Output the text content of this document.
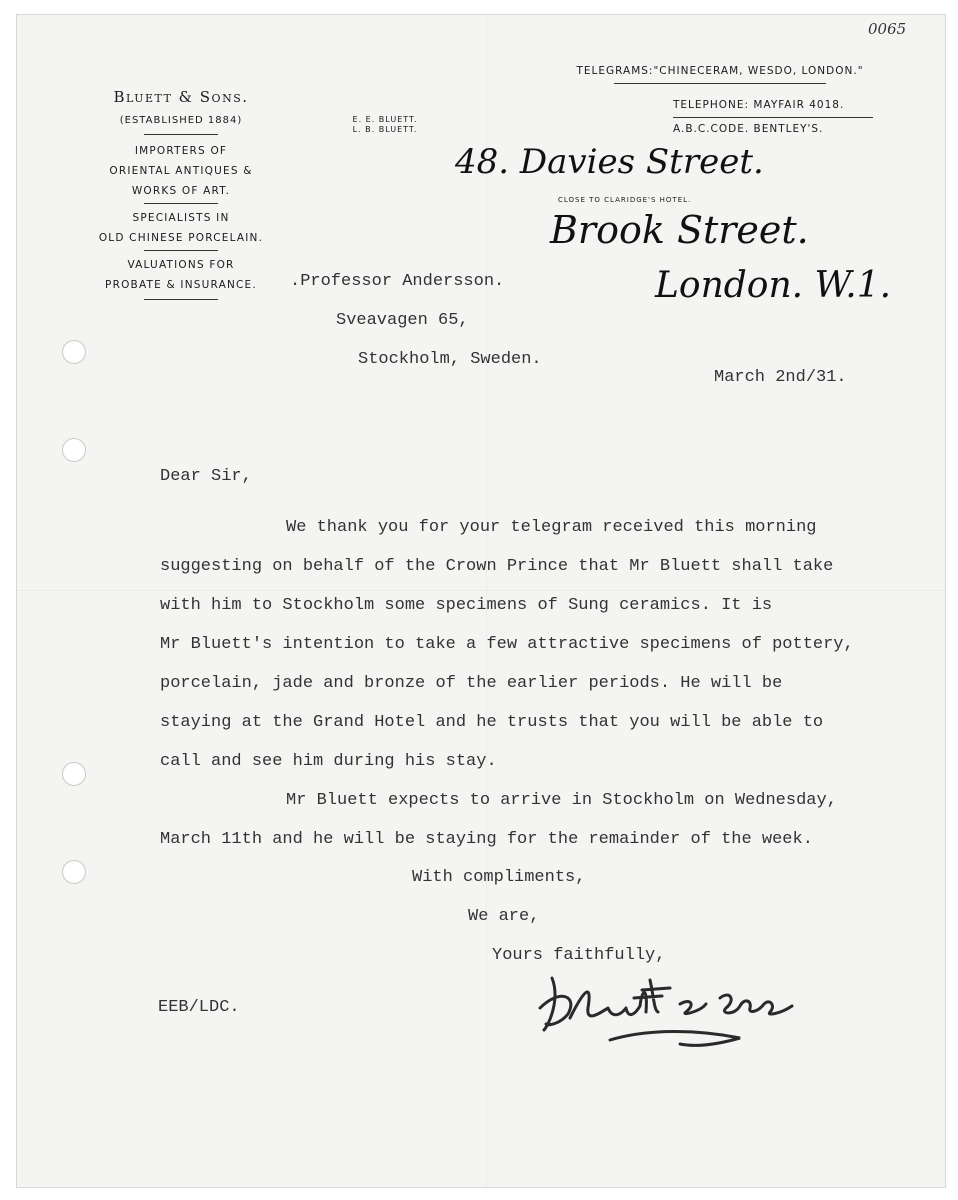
0065
Bluett & Sons.
(ESTABLISHED 1884)
IMPORTERS OF
ORIENTAL ANTIQUES &
WORKS OF ART.
SPECIALISTS IN
OLD CHINESE PORCELAIN.
VALUATIONS FOR
PROBATE & INSURANCE.
E. E. BLUETT.
L. B. BLUETT.
TELEGRAMS:"CHINECERAM, WESDO, LONDON."
TELEPHONE: MAYFAIR 4018.
A.B.C.CODE. BENTLEY'S.
48. Davies Street.
CLOSE TO CLARIDGE'S HOTEL.
Brook Street.
London. W.1.
.Professor Andersson.
Sveavagen 65,
Stockholm, Sweden.
March 2nd/31.
Dear Sir,
We thank you for your telegram received this morning
suggesting on behalf of the Crown Prince that Mr Bluett shall take
with him to Stockholm some specimens of Sung ceramics. It is
Mr Bluett's intention to take a few attractive specimens of pottery,
porcelain, jade and bronze of the earlier periods. He will be
staying at the Grand Hotel and he trusts that you will be able to
call and see him during his stay.
Mr Bluett expects to arrive in Stockholm on Wednesday,
March 11th and he will be staying for the remainder of the week.
With compliments,
We are,
Yours faithfully,
EEB/LDC.
